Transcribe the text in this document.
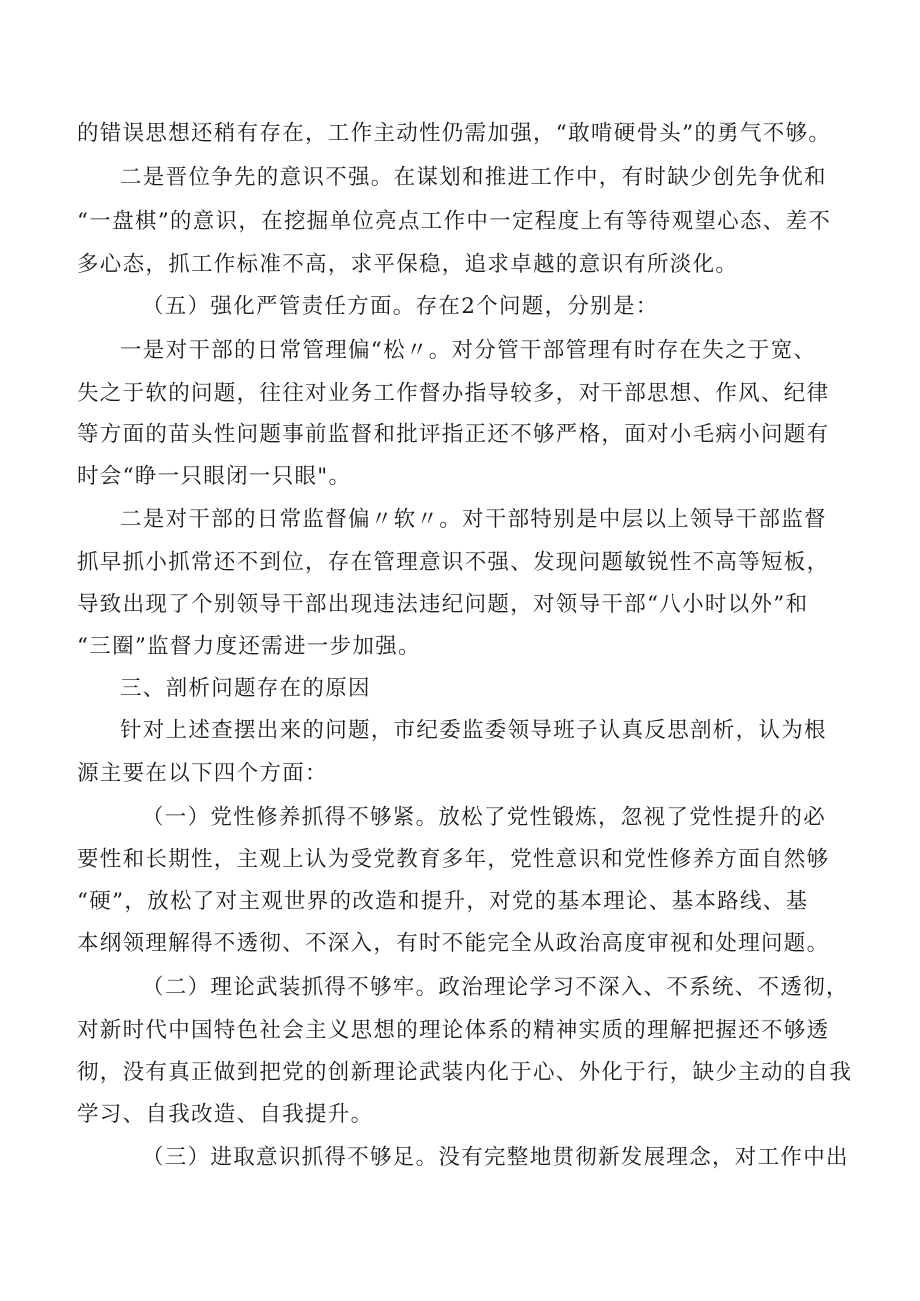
的错误思想还稍有存在，工作主动性仍需加强，“敢啃硬骨头”的勇气不够。
二是晋位争先的意识不强。在谋划和推进工作中，有时缺少创先争优和
“一盘棋”的意识，在挖掘单位亮点工作中一定程度上有等待观望心态、差不
多心态，抓工作标准不高，求平保稳，追求卓越的意识有所淡化。
（五）强化严管责任方面。存在2个问题，分别是：
一是对干部的日常管理偏“松〃。对分管干部管理有时存在失之于宽、
失之于软的问题，往往对业务工作督办指导较多，对干部思想、作风、纪律
等方面的苗头性问题事前监督和批评指正还不够严格，面对小毛病小问题有
时会“睁一只眼闭一只眼"。
二是对干部的日常监督偏〃软〃。对干部特别是中层以上领导干部监督
抓早抓小抓常还不到位，存在管理意识不强、发现问题敏锐性不高等短板，
导致出现了个别领导干部出现违法违纪问题，对领导干部“八小时以外”和
“三圈”监督力度还需进一步加强。
三、剖析问题存在的原因
针对上述查摆出来的问题，市纪委监委领导班子认真反思剖析，认为根
源主要在以下四个方面：
（一）党性修养抓得不够紧。放松了党性锻炼，忽视了党性提升的必
要性和长期性，主观上认为受党教育多年，党性意识和党性修养方面自然够
“硬”，放松了对主观世界的改造和提升，对党的基本理论、基本路线、基
本纲领理解得不透彻、不深入，有时不能完全从政治高度审视和处理问题。
（二）理论武装抓得不够牢。政治理论学习不深入、不系统、不透彻，
对新时代中国特色社会主义思想的理论体系的精神实质的理解把握还不够透
彻，没有真正做到把党的创新理论武装内化于心、外化于行，缺少主动的自我
学习、自我改造、自我提升。
（三）进取意识抓得不够足。没有完整地贯彻新发展理念，对工作中出
